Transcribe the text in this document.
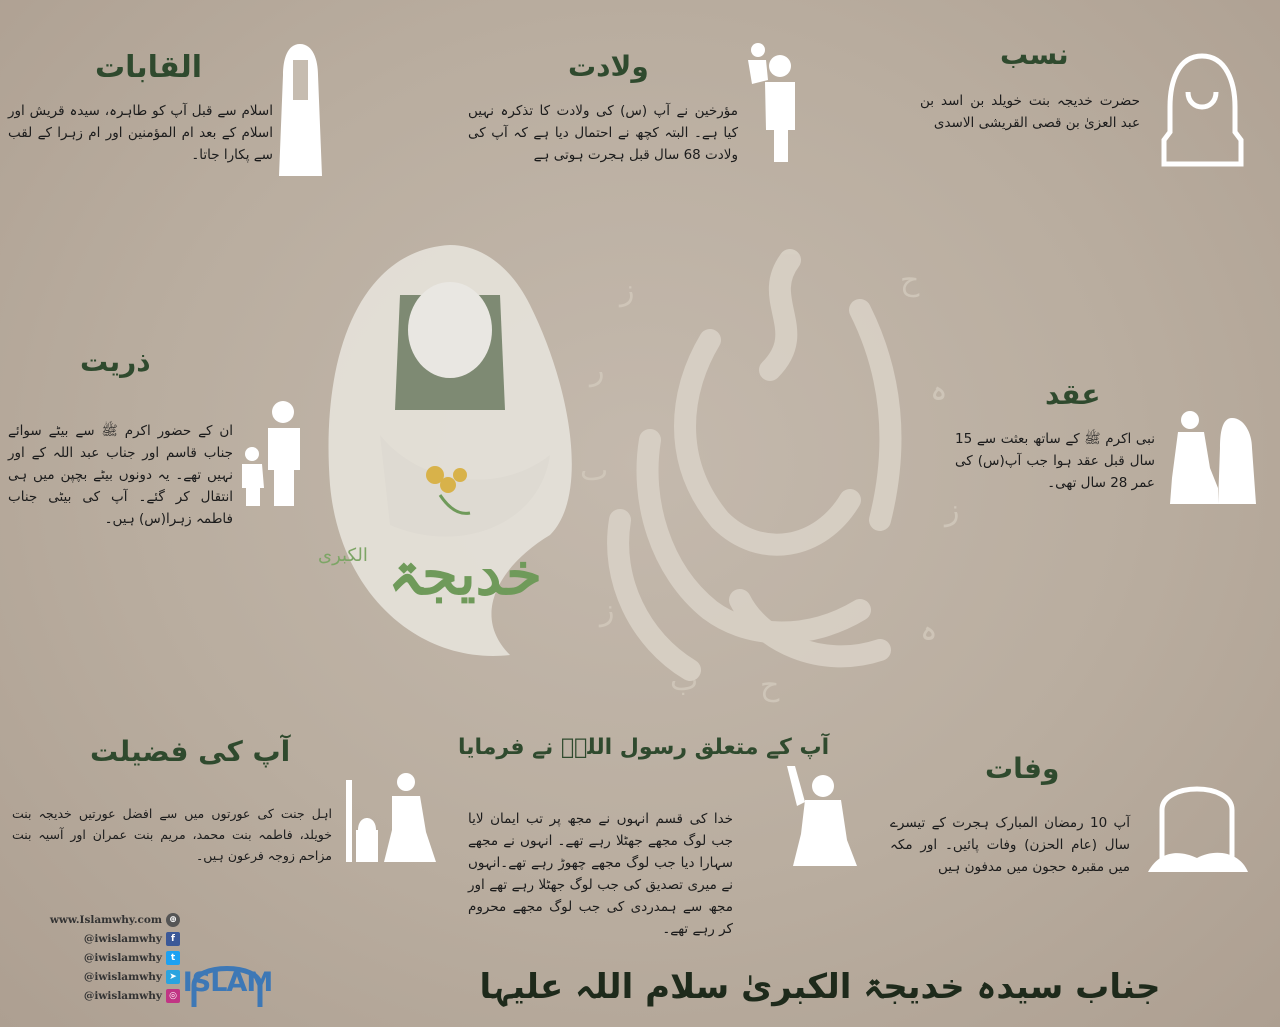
ز	ح
ر
ہ
ٮ
ز
ز
ہ
ح
ب
خدیجۃ
الکبری
نسب
حضرت خدیجہ بنت خویلد بن اسد بن عبد العزیٰ بن قصی القریشی الاسدی
ولادت
مؤرخین نے آپ (س) کی ولادت کا تذکرہ نہیں کیا ہے۔ البتہ کچھ نے احتمال دیا ہے کہ آپ کی ولادت 68 سال قبل ہجرت ہوتی ہے
القابات
اسلام سے قبل آپ کو طاہرہ، سیدہ قریش اور اسلام کے بعد ام المؤمنین اور ام زہرا کے لقب سے پکارا جاتا۔
عقد
نبی اکرم ﷺ کے ساتھ بعثت سے 15 سال قبل عقد ہوا جب آپ(س) کی عمر 28 سال تھی۔
ذریت
ان کے حضور اکرم ﷺ سے بیٹے سوائے جناب قاسم اور جناب عبد اللہ کے اور نہیں تھے۔ یہ دونوں بیٹے بچپن میں ہی انتقال کر گئے۔ آپ کی بیٹی جناب فاطمہ زہرا(س) ہیں۔
وفات
آپ 10 رمضان المبارک ہجرت کے تیسرے سال (عام الحزن) وفات پائیں۔ اور مکہ میں مقبرہ حجون میں مدفون ہیں
آپ کے متعلق رسول اللہؐ نے فرمایا
خدا کی قسم انہوں نے مجھ پر تب ایمان لایا جب لوگ مجھے جھٹلا رہے تھے۔ انہوں نے مجھے سہارا دیا جب لوگ مجھے چھوڑ رہے تھے۔انہوں نے میری تصدیق کی جب لوگ جھٹلا رہے تھے اور مجھ سے ہمدردی کی جب لوگ مجھے محروم کر رہے تھے۔
آپ کی فضیلت
اہل جنت کی عورتوں میں سے افضل عورتیں خدیجہ بنت خویلد، فاطمہ بنت محمد، مریم بنت عمران اور آسیہ بنت مزاحم زوجہ فرعون ہیں۔
جناب سیدہ خدیجۃ الکبریٰ سلام اللہ علیہا
www.Islamwhy.com ⊕
@iwislamwhy	f
@iwislamwhy t
@iwislamwhy ➤
@iwislamwhy ◎ ISLAM
